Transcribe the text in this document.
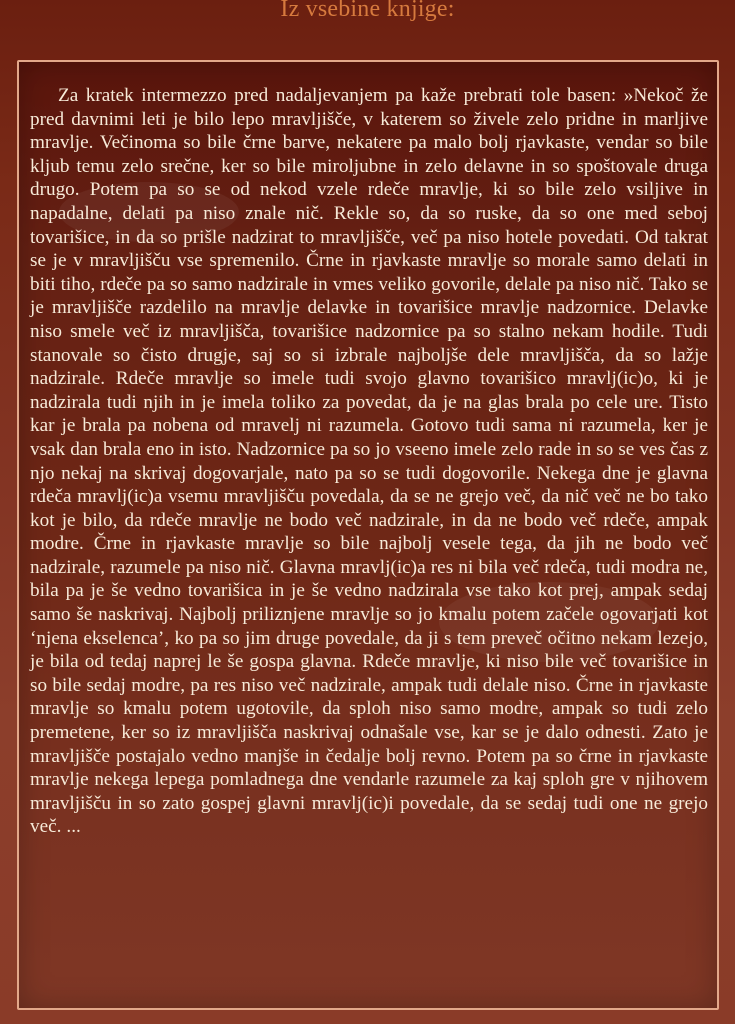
Iz vsebine knjige:

Za kratek intermezzo pred nadaljevanjem pa kaže prebrati tole basen: »Nekoč že pred davnimi leti je bilo lepo mravljišče, v katerem so živele zelo pridne in marljive mravlje. Večinoma so bile črne barve, nekatere pa malo bolj rjavkaste, vendar so bile kljub temu zelo srečne, ker so bile miroljubne in zelo delavne in so spoštovale druga drugo. Potem pa so se od nekod vzele rdeče mravlje, ki so bile zelo vsiljive in napadalne, delati pa niso znale nič. Rekle so, da so ruske, da so one med seboj tovarišice, in da so prišle nadzirat to mravljišče, več pa niso hotele povedati. Od takrat se je v mravljišču vse spremenilo. Črne in rjavkaste mravlje so morale samo delati in biti tiho, rdeče pa so samo nadzirale in vmes veliko govorile, delale pa niso nič. Tako se je mravljišče razdelilo na mravlje delavke in tovarišice mravlje nadzornice. Delavke niso smele več iz mravljišča, tovarišice nadzornice pa so stalno nekam hodile. Tudi stanovale so čisto drugje, saj so si izbrale najboljše dele mravljišča, da so lažje nadzirale. Rdeče mravlje so imele tudi svojo glavno tovarišico mravlj(ic)o, ki je nadzirala tudi njih in je imela toliko za povedat, da je na glas brala po cele ure. Tisto kar je brala pa nobena od mravelj ni razumela. Gotovo tudi sama ni razumela, ker je vsak dan brala eno in isto. Nadzornice pa so jo vseeno imele zelo rade in so se ves čas z njo nekaj na skrivaj dogovarjale, nato pa so se tudi dogovorile. Nekega dne je glavna rdeča mravlj(ic)a vsemu mravljišču povedala, da se ne grejo več, da nič več ne bo tako kot je bilo, da rdeče mravlje ne bodo več nadzirale, in da ne bodo več rdeče, ampak modre. Črne in rjavkaste mravlje so bile najbolj vesele tega, da jih ne bodo več nadzirale, razumele pa niso nič. Glavna mravlj(ic)a res ni bila več rdeča, tudi modra ne, bila pa je še vedno tovarišica in je še vedno nadzirala vse tako kot prej, ampak sedaj samo še naskrivaj. Najbolj priliznjene mravlje so jo kmalu potem začele ogovarjati kot ‘njena ekselenca’, ko pa so jim druge povedale, da ji s tem preveč očitno nekam lezejo, je bila od tedaj naprej le še gospa glavna. Rdeče mravlje, ki niso bile več tovarišice in so bile sedaj modre, pa res niso več nadzirale, ampak tudi delale niso. Črne in rjavkaste mravlje so kmalu potem ugotovile, da sploh niso samo modre, ampak so tudi zelo premetene, ker so iz mravljišča naskrivaj odnašale vse, kar se je dalo odnesti. Zato je mravljišče postajalo vedno manjše in čedalje bolj revno. Potem pa so črne in rjavkaste mravlje nekega lepega pomladnega dne vendarle razumele za kaj sploh gre v njihovem mravljišču in so zato gospej glavni mravlj(ic)i povedale, da se sedaj tudi one ne grejo več. ...
